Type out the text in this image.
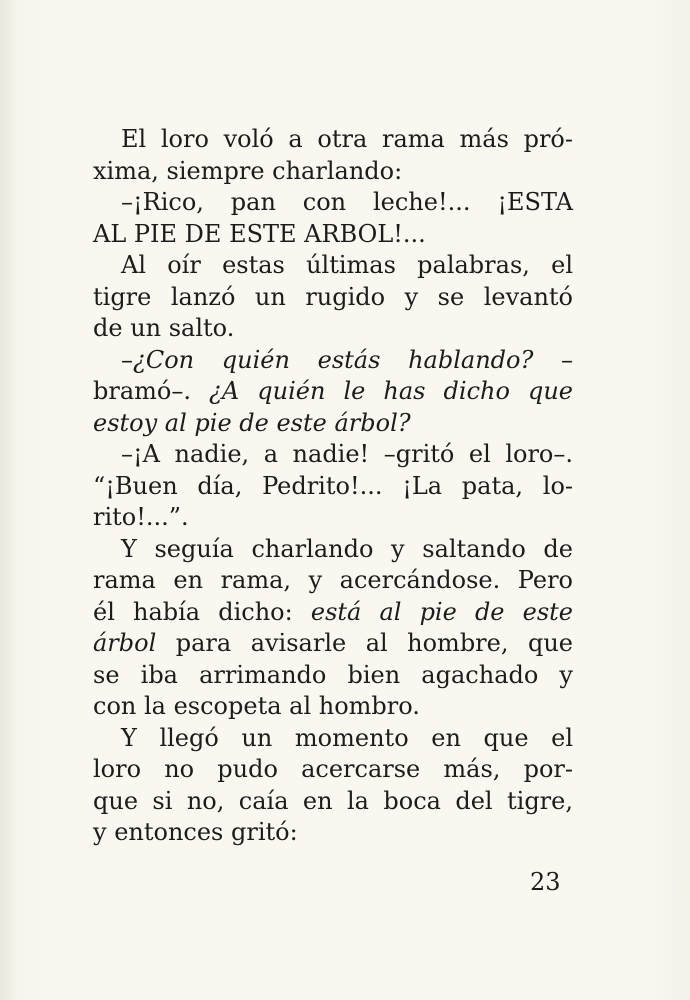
El loro voló a otra rama más pró-
xima, siempre charlando:
–¡Rico, pan con leche!... ¡ESTA
AL PIE DE ESTE ARBOL!...
Al oír estas últimas palabras, el
tigre lanzó un rugido y se levantó
de un salto.
–¿Con quién estás hablando? –
bramó–. ¿A quién le has dicho que
estoy al pie de este árbol?
–¡A nadie, a nadie! –gritó el loro–.
“¡Buen día, Pedrito!... ¡La pata, lo-
rito!...”.
Y seguía charlando y saltando de
rama en rama, y acercándose. Pero
él había dicho: está al pie de este
árbol para avisarle al hombre, que
se iba arrimando bien agachado y
con la escopeta al hombro.
Y llegó un momento en que el
loro no pudo acercarse más, por-
que si no, caía en la boca del tigre,
y entonces gritó:
23
